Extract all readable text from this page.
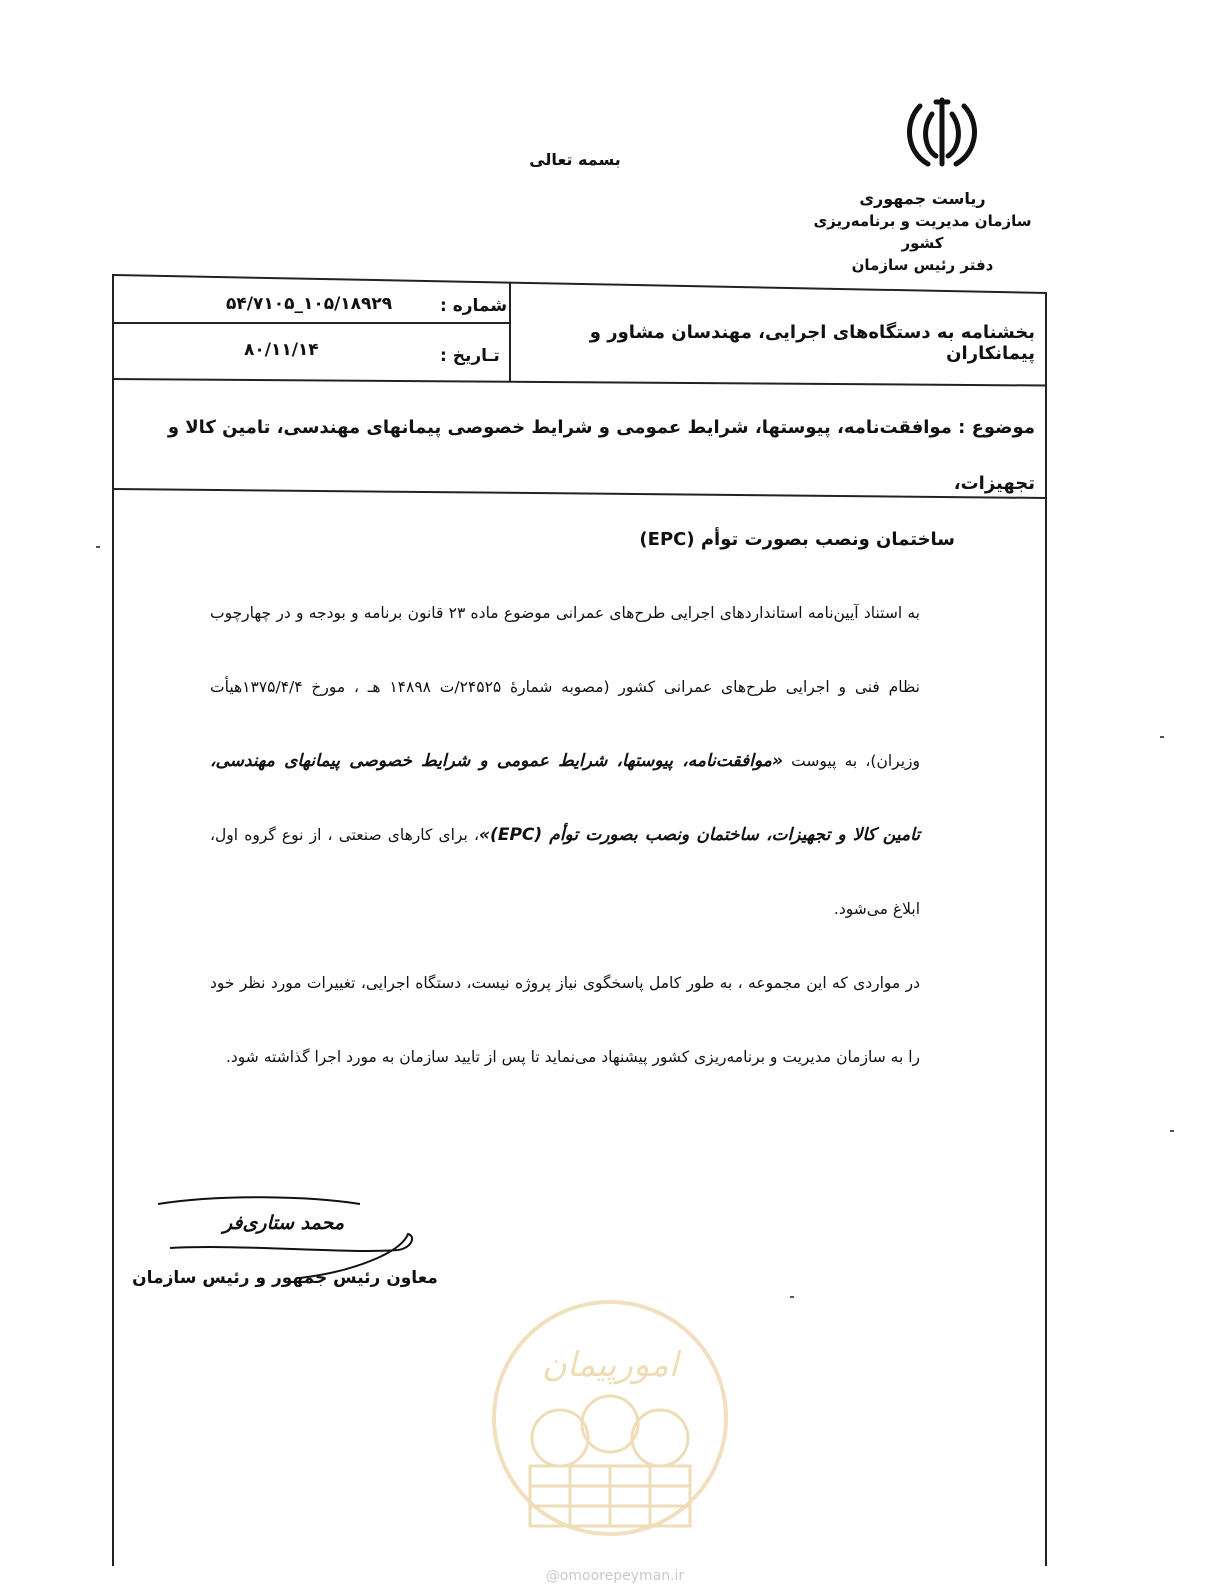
بسمه تعالی
ریاست جمهوری
سازمان مدیریت و برنامه‌ریزی کشور
دفتر رئیس سازمان
شماره :
۱۰۵/۱۸۹۲۹_۵۴/۷۱۰۵
تـاریخ :
۸۰/۱۱/۱۴
بخشنامه به دستگاه‌های اجرایی، مهندسان مشاور و پیمانکاران
موضوع : موافقت‌نامه، پیوستها، شرایط عمومی و شرایط خصوصی پیمانهای مهندسی، تامین کالا و تجهیزات،
ساختمان ونصب بصورت توأم (EPC)

به استناد آیین‌نامه استانداردهای اجرایی طرح‌های عمرانی موضوع ماده ۲۳ قانون برنامه و بودجه و در چهارچوب نظام فنی و اجرایی طرح‌های عمرانی کشور (مصوبه شمارهٔ ۲۴۵۲۵/ت ۱۴۸۹۸ هـ ، مورخ ۱۳۷۵/۴/۴هیأت وزیران)، به پیوست «موافقت‌نامه، پیوستها، شرایط عمومی و شرایط خصوصی پیمانهای مهندسی، تامین کالا و تجهیزات، ساختمان ونصب بصورت توأم (EPC)»، برای کارهای صنعتی ، از نوع گروه اول، ابلاغ می‌شود.

در مواردی که این مجموعه ، به طور کامل پاسخگوی نیاز پروژه نیست، دستگاه اجرایی، تغییرات مورد نظر خود را به سازمان مدیریت و برنامه‌ریزی کشور پیشنهاد می‌نماید تا پس از تایید سازمان به مورد اجرا گذاشته شود.

محمد ستاری‌فر
معاون رئیس جمهور و رئیس سازمان
امورپیمان
@omoorepeyman.ir
